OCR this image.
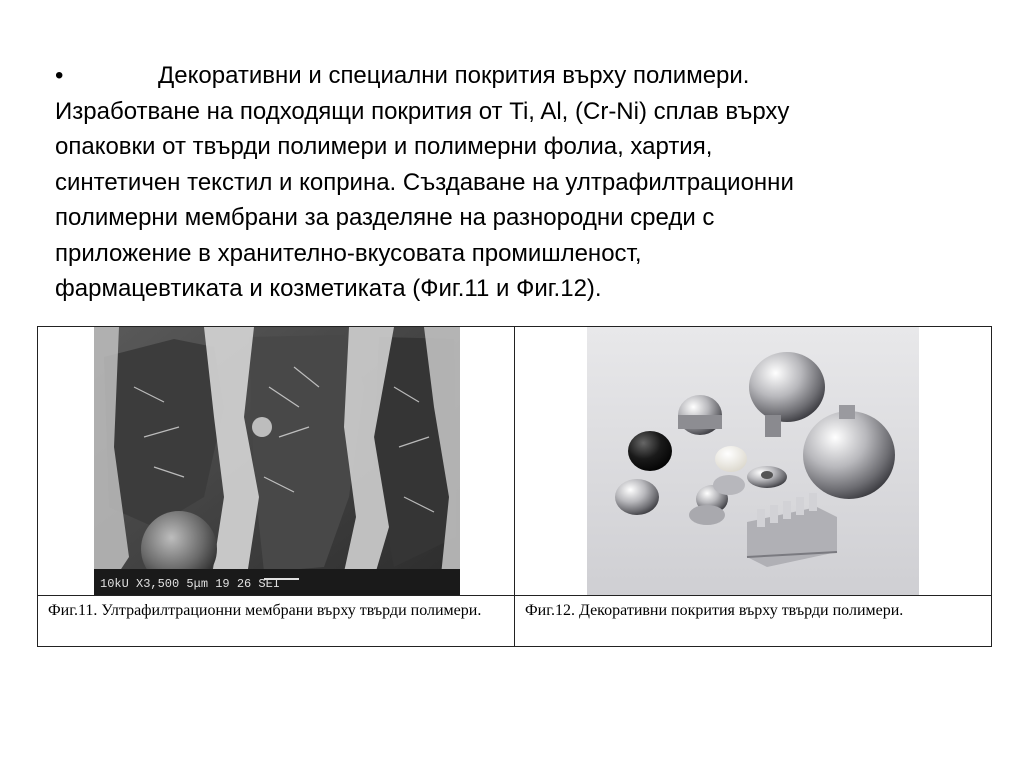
•	Декоративни и специални покрития върху полимери.
Изработване на подходящи покрития от Ti, Al, (Cr-Ni) сплав върху
опаковки от твърди полимери и полимерни фолиа, хартия,
синтетичен текстил и коприна. Създаване на ултрафилтрационни
полимерни мембрани за разделяне на разнородни среди с
приложение в хранително-вкусовата промишленост,
фармацевтиката и козметиката (Фиг.11 и Фиг.12).
10kU X3,500 5μm 19 26 SEI

Фиг.11. Ултрафилтрационни мембрани върху твърди полимери.	Фиг.12. Декоративни покрития върху твърди полимери.
